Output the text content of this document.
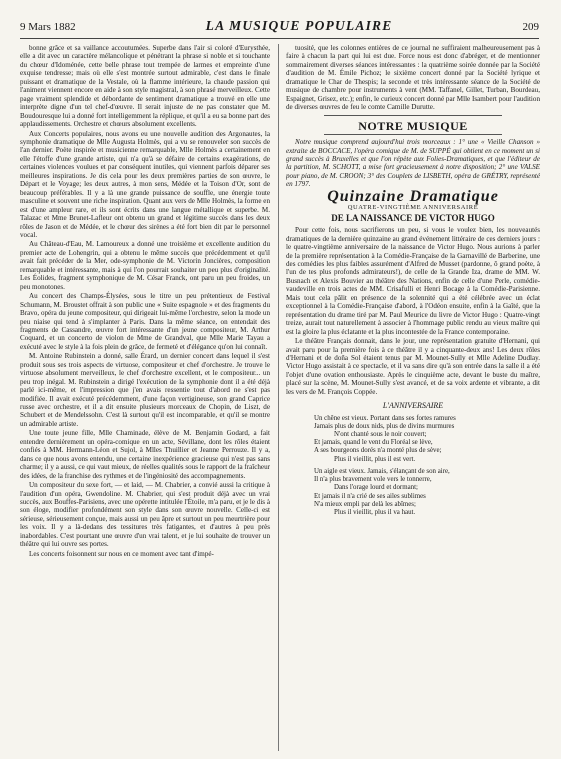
9 Mars 1882	LA MUSIQUE POPULAIRE	209

bonne grâce et sa vaillance accoutumées. Superbe dans l'air si coloré d'Eurysthée, elle a dit avec un caractère mélancolique et pénétrant la phrase si noble et si touchante du chœur d'Idoménée, cette belle phrase tout trempée de larmes et empreinte d'une exquise tendresse; mais où elle s'est montrée surtout admirable, c'est dans le finale puissant et dramatique de la Vestale, où la flamme intérieure, la chaude passion qui l'animent viennent encore en aide à son style magistral, à son phrasé merveilleux. Cette page vraiment splendide et débordante de sentiment dramatique a trouvé en elle une interprète digne d'un tel chef-d'œuvre. Il serait injuste de ne pas constater que M. Boudouresque lui a donné fort intelligemment la réplique, et qu'il a eu sa bonne part des applaudissements. Orchestre et chœurs absolument excellents.

Aux Concerts populaires, nous avons eu une nouvelle audition des Argonautes, la symphonie dramatique de Mlle Augusta Holmès, qui a vu se renouveler son succès de l'an dernier. Poète inspirée et musicienne remarquable, Mlle Holmès a certainement en elle l'étoffe d'une grande artiste, qui n'a qu'à se défaire de certains exagérations, de certaines violences voulues et par conséquent inutiles, qui viennent parfois déparer ses meilleures inspirations. Je dis cela pour les deux premières parties de son œuvre, le Départ et le Voyage; les deux autres, à mon sens, Médée et la Toison d'Or, sont de beaucoup préférables. Il y a là une grande puissance de souffle, une énergie toute masculine et souvent une riche inspiration. Quant aux vers de Mlle Holmès, la forme en est d'une ampleur rare, et ils sont écrits dans une langue métallique et superbe. M. Talazac et Mme Brunet-Lafleur ont obtenu un grand et légitime succès dans les deux rôles de Jason et de Médée, et le chœur des sirènes a été fort bien dit par le personnel vocal.

Au Château-d'Eau, M. Lamoureux a donné une troisième et excellente audition du premier acte de Lohengrin, qui a obtenu le même succès que précédemment et qu'il avait fait précéder de la Mer, ode-symphonie de M. Victorin Joncières, composition remarquable et intéressante, mais à qui l'on pourrait souhaiter un peu plus d'originalité. Les Éolides, fragment symphonique de M. César Franck, ont paru un peu froides, un peu monotones.

Au concert des Champs-Élysées, sous le titre un peu prétentieux de Festival Schumann, M. Broustet offrait à son public une « Suite espagnole » et des fragments du Bravo, opéra du jeune compositeur, qui dirigeait lui-même l'orchestre, selon la mode un peu niaise qui tend à s'implanter à Paris. Dans la même séance, on entendait des fragments de Cassandre, œuvre fort intéressante d'un jeune compositeur, M. Arthur Coquard, et un concerto de violon de Mme de Grandval, que Mlle Marie Tayau a exécuté avec le style à la fois plein de grâce, de fermeté et d'élégance qu'on lui connaît.

M. Antoine Rubinstein a donné, salle Érard, un dernier concert dans lequel il s'est produit sous ses trois aspects de virtuose, compositeur et chef d'orchestre. Je trouve le virtuose absolument merveilleux, le chef d'orchestre excellent, et le compositeur... un peu trop inégal. M. Rubinstein a dirigé l'exécution de la symphonie dont il a été déjà parlé ici-même, et l'impression que j'en avais ressentie tout d'abord ne s'est pas modifiée. Il avait exécuté précédemment, d'une façon vertigineuse, son grand Caprice russe avec orchestre, et il a dit ensuite plusieurs morceaux de Chopin, de Liszt, de Schubert et de Mendelssohn. C'est là surtout qu'il est incomparable, et qu'il se montre un admirable artiste.

Une toute jeune fille, Mlle Chaminade, élève de M. Benjamin Godard, a fait entendre dernièrement un opéra-comique en un acte, Sévillane, dont les rôles étaient confiés à MM. Hermann-Léon et Sujol, à Mlles Thuillier et Jeanne Perrouze. Il y a, dans ce que nous avons entendu, une certaine inexpérience gracieuse qui n'est pas sans charme; il y a aussi, ce qui vaut mieux, de réelles qualités sous le rapport de la fraîcheur des idées, de la franchise des rythmes et de l'ingéniosité des accompagnements.

Un compositeur du sexe fort, — et laid, — M. Chabrier, a convié aussi la critique à l'audition d'un opéra, Gwendoline. M. Chabrier, qui s'est produit déjà avec un vrai succès, aux Bouffes-Parisiens, avec une opérette intitulée l'Étoile, m'a paru, et je le dis à son éloge, modifier profondément son style dans son œuvre nouvelle. Celle-ci est sérieuse, sérieusement conçue, mais aussi un peu âpre et surtout un peu meurtrière pour les voix. Il y a là-dedans des tessitures très fatigantes, et d'autres à peu près inabordables. C'est pourtant une œuvre d'un vrai talent, et je lui souhaite de trouver un théâtre qui lui ouvre ses portes.

Les concerts foisonnent sur nous en ce moment avec tant d'impé-

tuosité, que les colonnes entières de ce journal ne suffiraient malheureusement pas à faire à chacun la part qui lui est due. Force nous est donc d'abréger, et de mentionner sommairement diverses séances intéressantes : la quatrième soirée donnée par la Société d'audition de M. Émile Pichoz; le sixième concert donné par la Société lyrique et dramatique le Char de Thespis; la seconde et très intéressante séance de la Société de musique de chambre pour instruments à vent (MM. Taffanel, Gillet, Turban, Bourdeau, Espaignet, Grisez, etc.); enfin, le curieux concert donné par Mlle Isambert pour l'audition de diverses œuvres de feu le comte Camille Durutte.

NOTRE MUSIQUE

Notre musique comprend aujourd'hui trois morceaux : 1° une « Vieille Chanson » extraite de BOCCACE, l'opéra comique de M. de SUPPÉ qui obtient en ce moment un si grand succès à Bruxelles et que l'on répète aux Folies-Dramatiques, et que l'éditeur de la partition, M. SCHOTT, a mise fort gracieusement à notre disposition; 2° une VALSE pour piano, de M. CROON; 3° des Couplets de LISBETH, opéra de GRÉTRY, représenté en 1797.

Quinzaine Dramatique
QUATRE-VINGTIÈME ANNIVERSAIRE
DE LA NAISSANCE DE VICTOR HUGO

Pour cette fois, nous sacrifierons un peu, si vous le voulez bien, les nouveautés dramatiques de la dernière quinzaine au grand événement littéraire de ces derniers jours : le quatre-vingtième anniversaire de la naissance de Victor Hugo. Nous aurions à parler de la première représentation à la Comédie-Française de la Garnavillé de Barberine, une des comédies les plus faibles assurément d'Alfred de Musset (pardonne, ô grand poète, à l'un de tes plus profonds admirateurs!), de celle de la Grande Iza, drame de MM. W. Busnach et Alexis Bouvier au théâtre des Nations, enfin de celle d'une Perle, comédie-vaudeville en trois actes de MM. Crisafulli et Henri Bocage à la Comédie-Parisienne. Mais tout cela pâlit en présence de la solennité qui a été célébrée avec un éclat exceptionnel à la Comédie-Française d'abord, à l'Odéon ensuite, enfin à la Gaîté, que la représentation du drame tiré par M. Paul Meurice du livre de Victor Hugo : Quatre-vingt treize, aurait tout naturellement à associer à l'hommage public rendu au vieux maître qui est la gloire la plus éclatante et la plus incontestée de la France contemporaine.

Le théâtre Français donnait, dans le jour, une représentation gratuite d'Hernani, qui avait paru pour la première fois à ce théâtre il y a cinquante-deux ans! Les deux rôles d'Hernani et de doña Sol étaient tenus par M. Mounet-Sully et Mlle Adeline Dudlay. Victor Hugo assistait à ce spectacle, et il va sans dire qu'à son entrée dans la salle il a été l'objet d'une ovation enthousiaste. Après le cinquième acte, devant le buste du maître, placé sur la scène, M. Mounet-Sully s'est avancé, et de sa voix ardente et vibrante, a dit les vers de M. François Coppée.

L'ANNIVERSAIRE
Un chêne est vieux. Portant dans ses fortes ramures
Jamais plus de doux nids, plus de divins murmures
N'ont chanté sous le noir couvert;
Et jamais, quand le vent du Floréal se lève,
A ses bourgeons dorés n'a monté plus de sève;
Plus il vieillit, plus il est vert.
Un aigle est vieux. Jamais, s'élançant de son aire,
Il n'a plus bravement vole vers le tonnerre,
Dans l'orage lourd et dormant;
Et jamais il n'a crié de ses ailes sublimes
N'a mieux empli par delà les abîmes;
Plus il vieillit, plus il va haut.
